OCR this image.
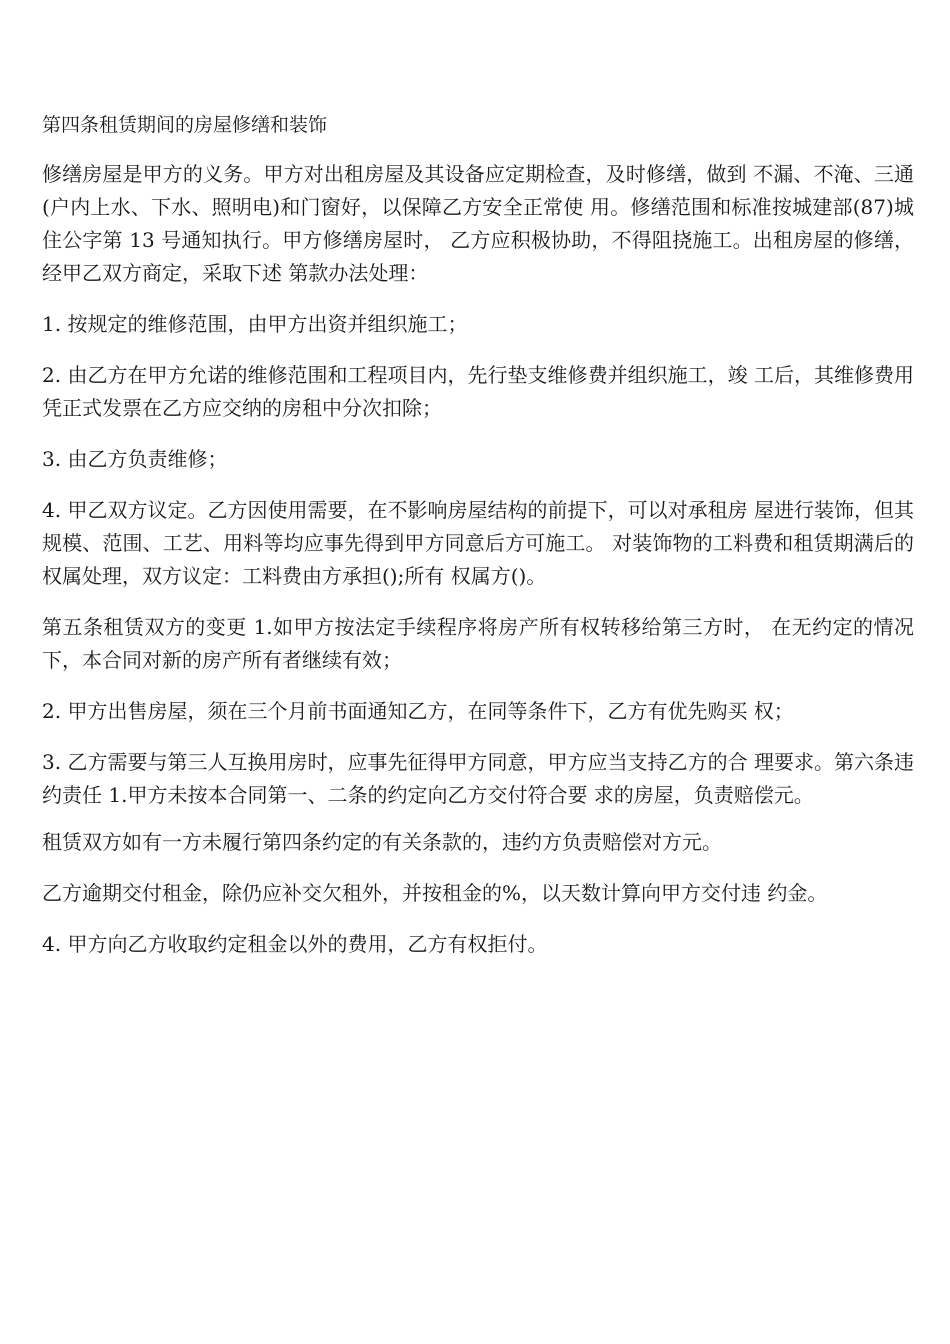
第四条租赁期间的房屋修缮和装饰

修缮房屋是甲方的义务。甲方对出租房屋及其设备应定期检查，及时修缮，做到 不漏、不淹、三通(户内上水、下水、照明电)和门窗好，以保障乙方安全正常使 用。修缮范围和标准按城建部(87)城住公字第 13 号通知执行。甲方修缮房屋时， 乙方应积极协助，不得阻挠施工。出租房屋的修缮，经甲乙双方商定，采取下述 第款办法处理：

1. 按规定的维修范围，由甲方出资并组织施工；

2. 由乙方在甲方允诺的维修范围和工程项目内，先行垫支维修费并组织施工，竣 工后，其维修费用凭正式发票在乙方应交纳的房租中分次扣除；

3. 由乙方负责维修；

4. 甲乙双方议定。乙方因使用需要，在不影响房屋结构的前提下，可以对承租房 屋进行装饰，但其规模、范围、工艺、用料等均应事先得到甲方同意后方可施工。 对装饰物的工料费和租赁期满后的权属处理，双方议定：工料费由方承担();所有 权属方()。

第五条租赁双方的变更 1.如甲方按法定手续程序将房产所有权转移给第三方时， 在无约定的情况下，本合同对新的房产所有者继续有效；

2. 甲方出售房屋，须在三个月前书面通知乙方，在同等条件下，乙方有优先购买 权；

3. 乙方需要与第三人互换用房时，应事先征得甲方同意，甲方应当支持乙方的合 理要求。第六条违约责任 1.甲方未按本合同第一、二条的约定向乙方交付符合要 求的房屋，负责赔偿元。

租赁双方如有一方未履行第四条约定的有关条款的，违约方负责赔偿对方元。

乙方逾期交付租金，除仍应补交欠租外，并按租金的%，以天数计算向甲方交付违 约金。

4. 甲方向乙方收取约定租金以外的费用，乙方有权拒付。
